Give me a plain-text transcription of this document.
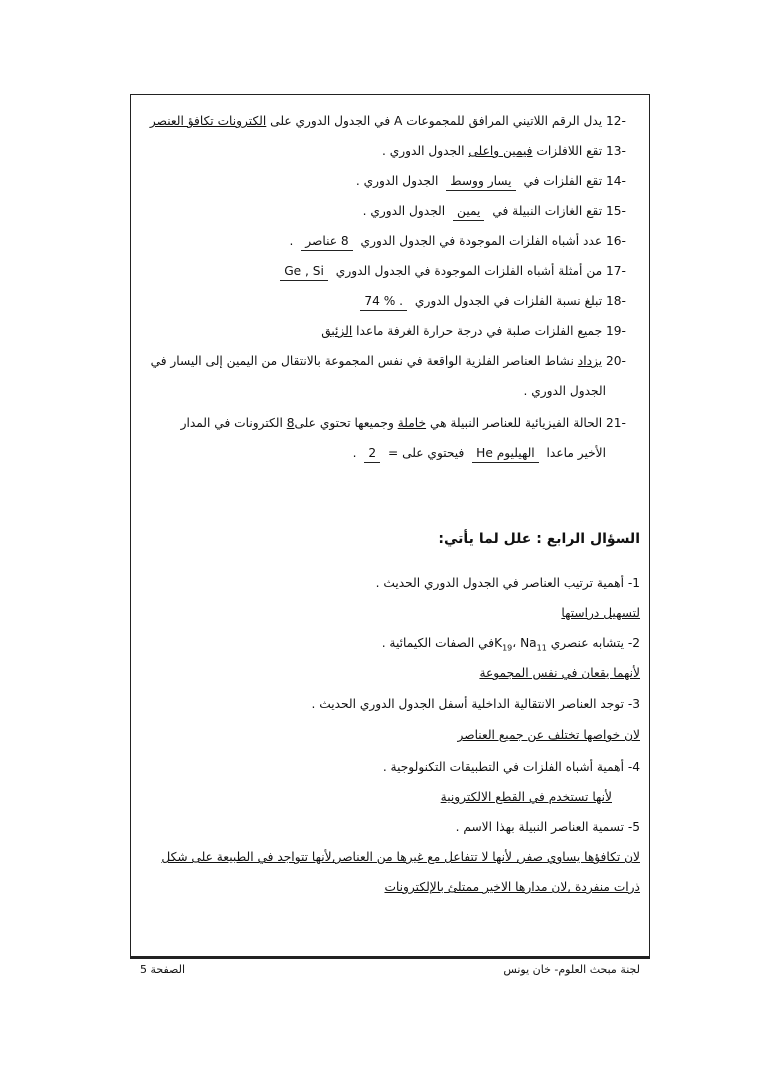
-12 يدل الرقم اللاتيني المرافق للمجموعات A في الجدول الدوري على الكترونات تكافؤ العنصر
-13 تقع اللافلزات فيمين واعلى الجدول الدوري .
-14 تقع الفلزات في يسار ووسط الجدول الدوري .
-15 تقع الغازات النبيلة في يمين الجدول الدوري .
-16 عدد أشباه الفلزات الموجودة في الجدول الدوري 8 عناصر .
-17 من أمثلة أشباه الفلزات الموجودة في الجدول الدوري Ge , Si
-18 تبلغ نسبة الفلزات في الجدول الدوري 74 % .
-19 جميع الفلزات صلبة في درجة حرارة الغرفة ماعدا الزئبق
-20 يزداد نشاط العناصر الفلزية الواقعة في نفس المجموعة بالانتقال من اليمين إلى اليسار في
الجدول الدوري .
-21 الحالة الفيزيائية للعناصر النبيلة هي خاملة وجميعها تحتوي على8 الكترونات في المدار
الأخير ماعدا الهيليوم He فيحتوي على = 2 .
السؤال الرابع : علل لما يأتي:
1- أهمية ترتيب العناصر في الجدول الدوري الحديث .
لتسهيل دراستها
2- يتشابه عنصري $K_{19}،$ $Na_{11}في$ الصفات الكيمائية .
لأنهما يقعان في نفس المجموعة
3- توجد العناصر الانتقالية الداخلية أسفل الجدول الدوري الحديث .
لان خواصها تختلف عن جميع العناصر
4- أهمية أشباه الفلزات في التطبيقات التكنولوجية .
لأنها تستخدم في القطع الالكترونية
5- تسمية العناصر النبيلة بهذا الاسم .
لان تكافؤها يساوي صفر, لأنها لا تتفاعل مع غيرها من العناصر,لأنها تتواجد في الطبيعة على شكل
ذرات منفردة ,لان مدارها الاخير ممتلئ بالإلكترونات
الصفحة 5	لجنة مبحث العلوم- خان يونس
